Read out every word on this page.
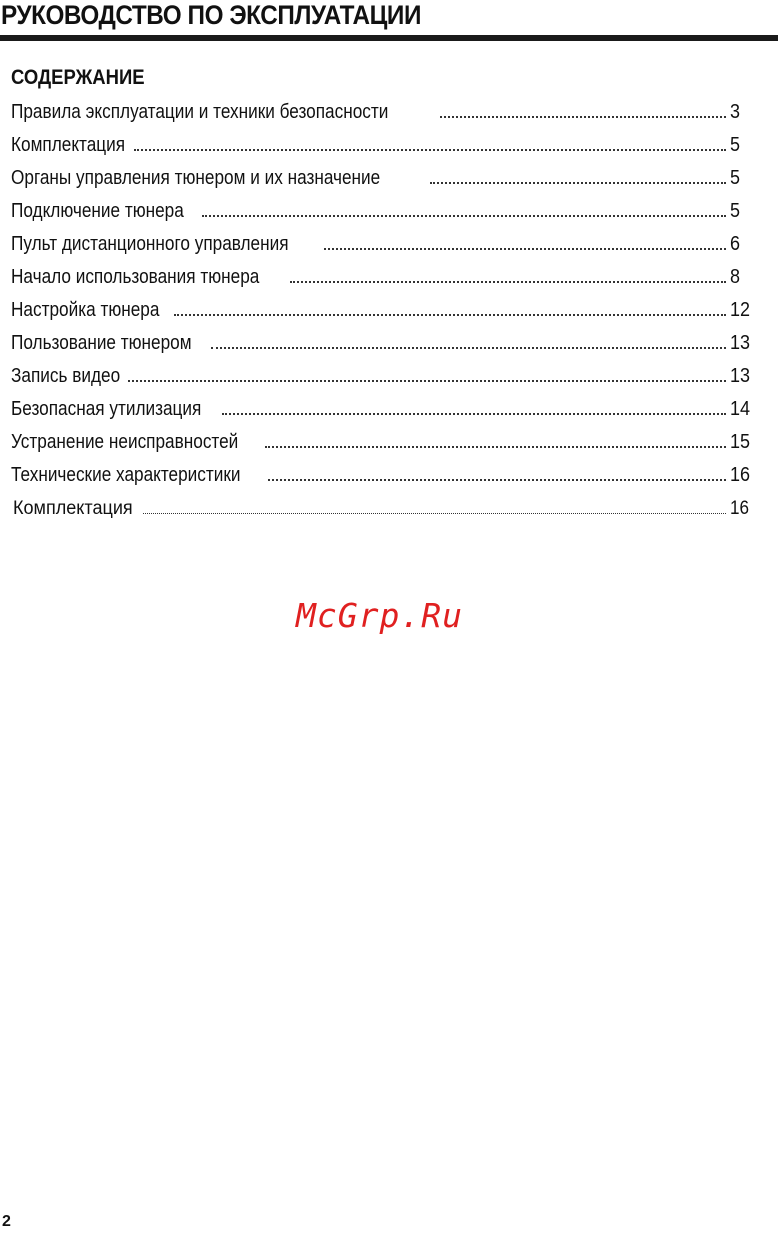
РУКОВОДСТВО ПО ЭКСПЛУАТАЦИИ
СОДЕРЖАНИЕ
Правила эксплуатации и техники безопасности	3
Комплектация	5
Органы управления тюнером и их назначение	5
Подключение тюнера	5
Пульт дистанционного управления	6
Начало использования тюнера	8
Настройка тюнера	12
Пользование тюнером	13
Запись видео	13
Безопасная утилизация	14
Устранение неисправностей	15
Технические характеристики	16
Комплектация	16
McGrp.Ru
2
